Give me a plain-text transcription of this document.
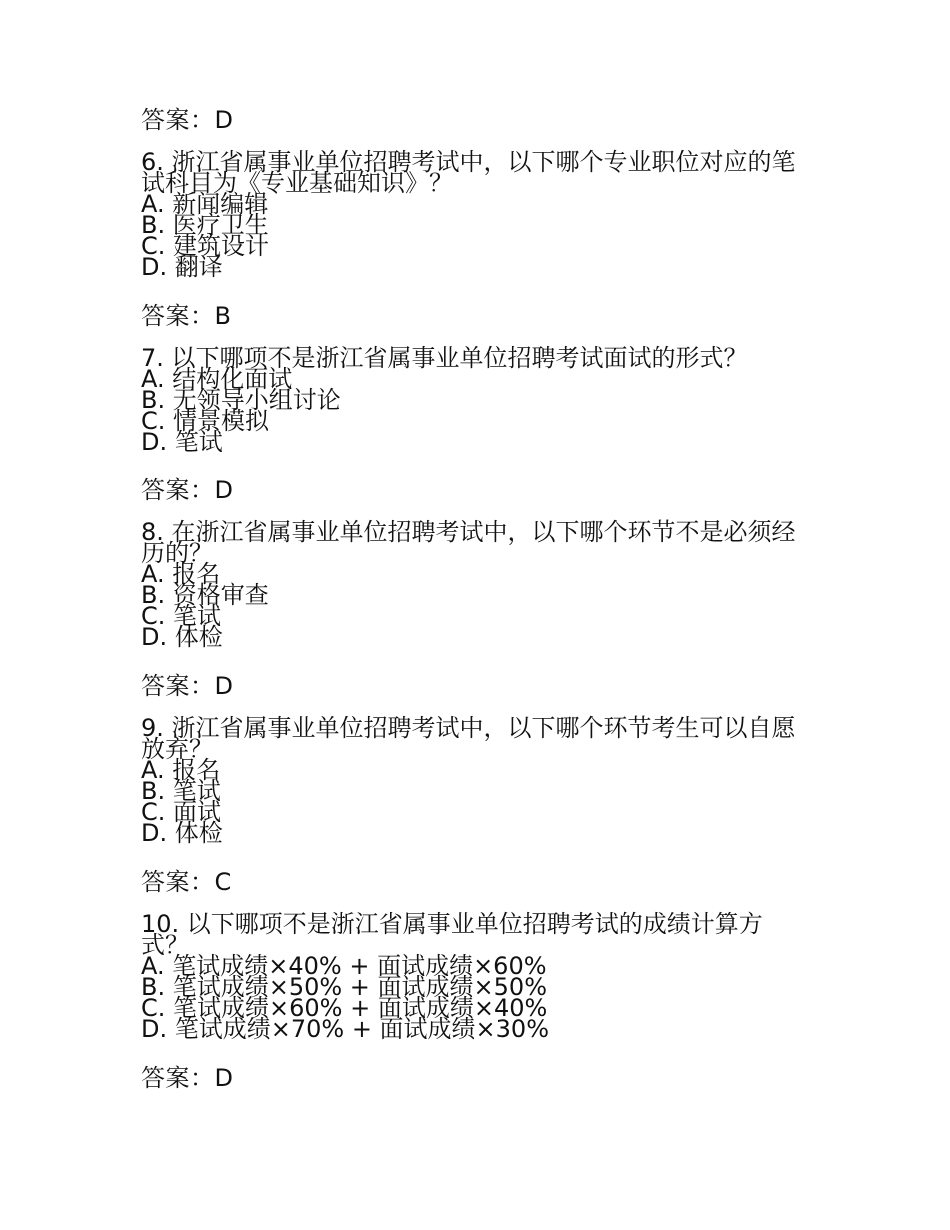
答案：D

6. 浙江省属事业单位招聘考试中，以下哪个专业职位对应的笔试科目为《专业基础知识》？

A. 新闻编辑
B. 医疗卫生
C. 建筑设计
D. 翻译

答案：B

7. 以下哪项不是浙江省属事业单位招聘考试面试的形式？

A. 结构化面试
B. 无领导小组讨论
C. 情景模拟
D. 笔试

答案：D

8. 在浙江省属事业单位招聘考试中，以下哪个环节不是必须经历的？

A. 报名
B. 资格审查
C. 笔试
D. 体检

答案：D

9. 浙江省属事业单位招聘考试中，以下哪个环节考生可以自愿放弃？

A. 报名
B. 笔试
C. 面试
D. 体检

答案：C

10. 以下哪项不是浙江省属事业单位招聘考试的成绩计算方式？

A. 笔试成绩×40% + 面试成绩×60%
B. 笔试成绩×50% + 面试成绩×50%
C. 笔试成绩×60% + 面试成绩×40%
D. 笔试成绩×70% + 面试成绩×30%

答案：D
